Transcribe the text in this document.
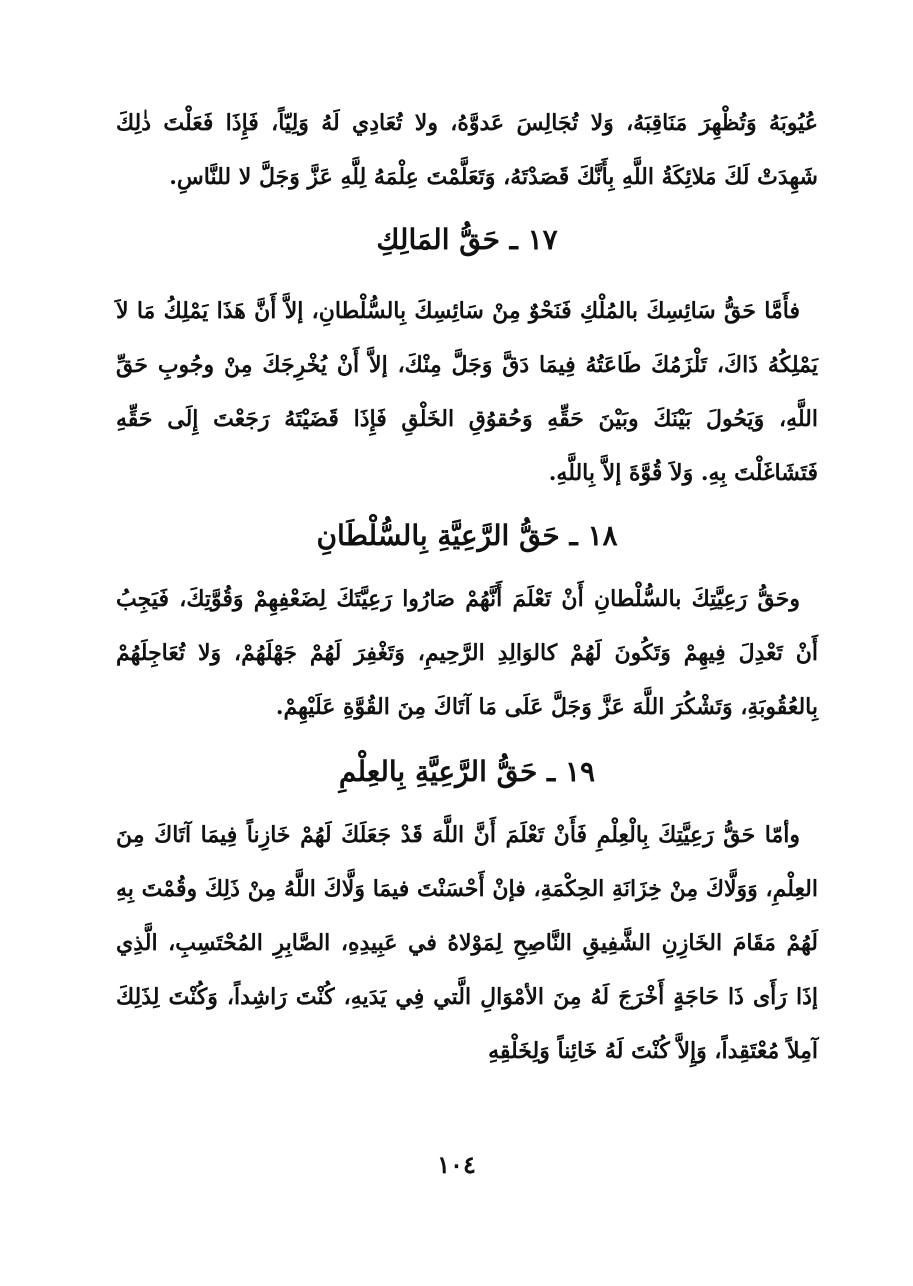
عُيُوبَهُ وَتُظْهِرَ مَنَاقِبَهُ، وَلا تُجَالِسَ عَدوَّهُ، ولا تُعَادِي لَهُ وَلِيّاً، فَإِذَا فَعَلْتَ ذٰلِكَ شَهِدَتْ لَكَ مَلائِكَةُ اللَّهِ بِأَنَّكَ قَصَدْتَهُ، وَتَعَلَّمْتَ عِلْمَهُ لِلَّهِ عَزَّ وَجَلَّ لا للنَّاسِ.

١٧ ـ حَقُّ المَالِكِ

فأَمَّا حَقُّ سَائِسِكَ بالمُلْكِ فَنَحْوٌ مِنْ سَائِسِكَ بِالسُّلْطانِ، إلاَّ أَنَّ هَذَا يَمْلِكُ مَا لاَ يَمْلِكُهُ ذَاكَ، تَلْزَمُكَ طَاعَتُهُ فِيمَا دَقَّ وَجَلَّ مِنْكَ، إلاَّ أَنْ يُخْرِجَكَ مِنْ وجُوبِ حَقِّ اللَّهِ، وَيَحُولَ بَيْنَكَ وبَيْنَ حَقِّهِ وَحُقوُقِ الخَلْقِ فَإِذَا قَضَيْتَهُ رَجَعْتَ إِلَى حَقِّهِ فَتَشَاغَلْتَ بِهِ. وَلاَ قُوَّةَ إلاَّ بِاللَّهِ.

١٨ ـ حَقُّ الرَّعِيَّةِ بِالسُّلْطَانِ

وحَقُّ رَعِيَّتِكَ بالسُّلْطانِ أَنْ تَعْلَمَ أَنَّهُمْ صَارُوا رَعِيَّتَكَ لِضَعْفِهِمْ وَقُوَّتِكَ، فَيَجِبُ أَنْ تَعْدِلَ فِيهِمْ وَتَكُونَ لَهُمْ كالوَالِدِ الرَّحِيمِ، وَتَغْفِرَ لَهُمْ جَهْلَهُمْ، وَلا تُعَاجِلَهُمْ بِالعُقُوبَةِ، وَتَشْكُرَ اللَّهَ عَزَّ وَجَلَّ عَلَى مَا آتَاكَ مِنَ القُوَّةِ عَلَيْهِمْ.

١٩ ـ حَقُّ الرَّعِيَّةِ بِالعِلْمِ

وأمّا حَقُّ رَعِيَّتِكَ بِالْعِلْمِ فَأَنْ تَعْلَمَ أَنَّ اللَّهَ قَدْ جَعَلَكَ لَهُمْ خَازِناً فِيمَا آتَاكَ مِنَ العِلْمِ، وَوَلَّاكَ مِنْ خِزَانَةِ الحِكْمَةِ، فإنْ أَحْسَنْتَ فيمَا وَلَّاكَ اللَّهُ مِنْ ذَلِكَ وقُمْتَ بِهِ لَهُمْ مَقَامَ الخَازِنِ الشَّفِيقِ النَّاصِحِ لِمَوْلاهُ في عَبِيدِهِ، الصَّابِرِ المُحْتَسِبِ، الَّذِي إذَا رَأَى ذَا حَاجَةٍ أَخْرَجَ لَهُ مِنَ الأمْوَالِ الَّتي فِي يَدَيهِ، كُنْتَ رَاشِداً، وَكُنْتَ لِذَلِكَ آمِلاً مُعْتَقِداً، وَإِلاَّ كُنْتَ لَهُ خَائِناً وَلِخَلْقِهِ

١٠٤
